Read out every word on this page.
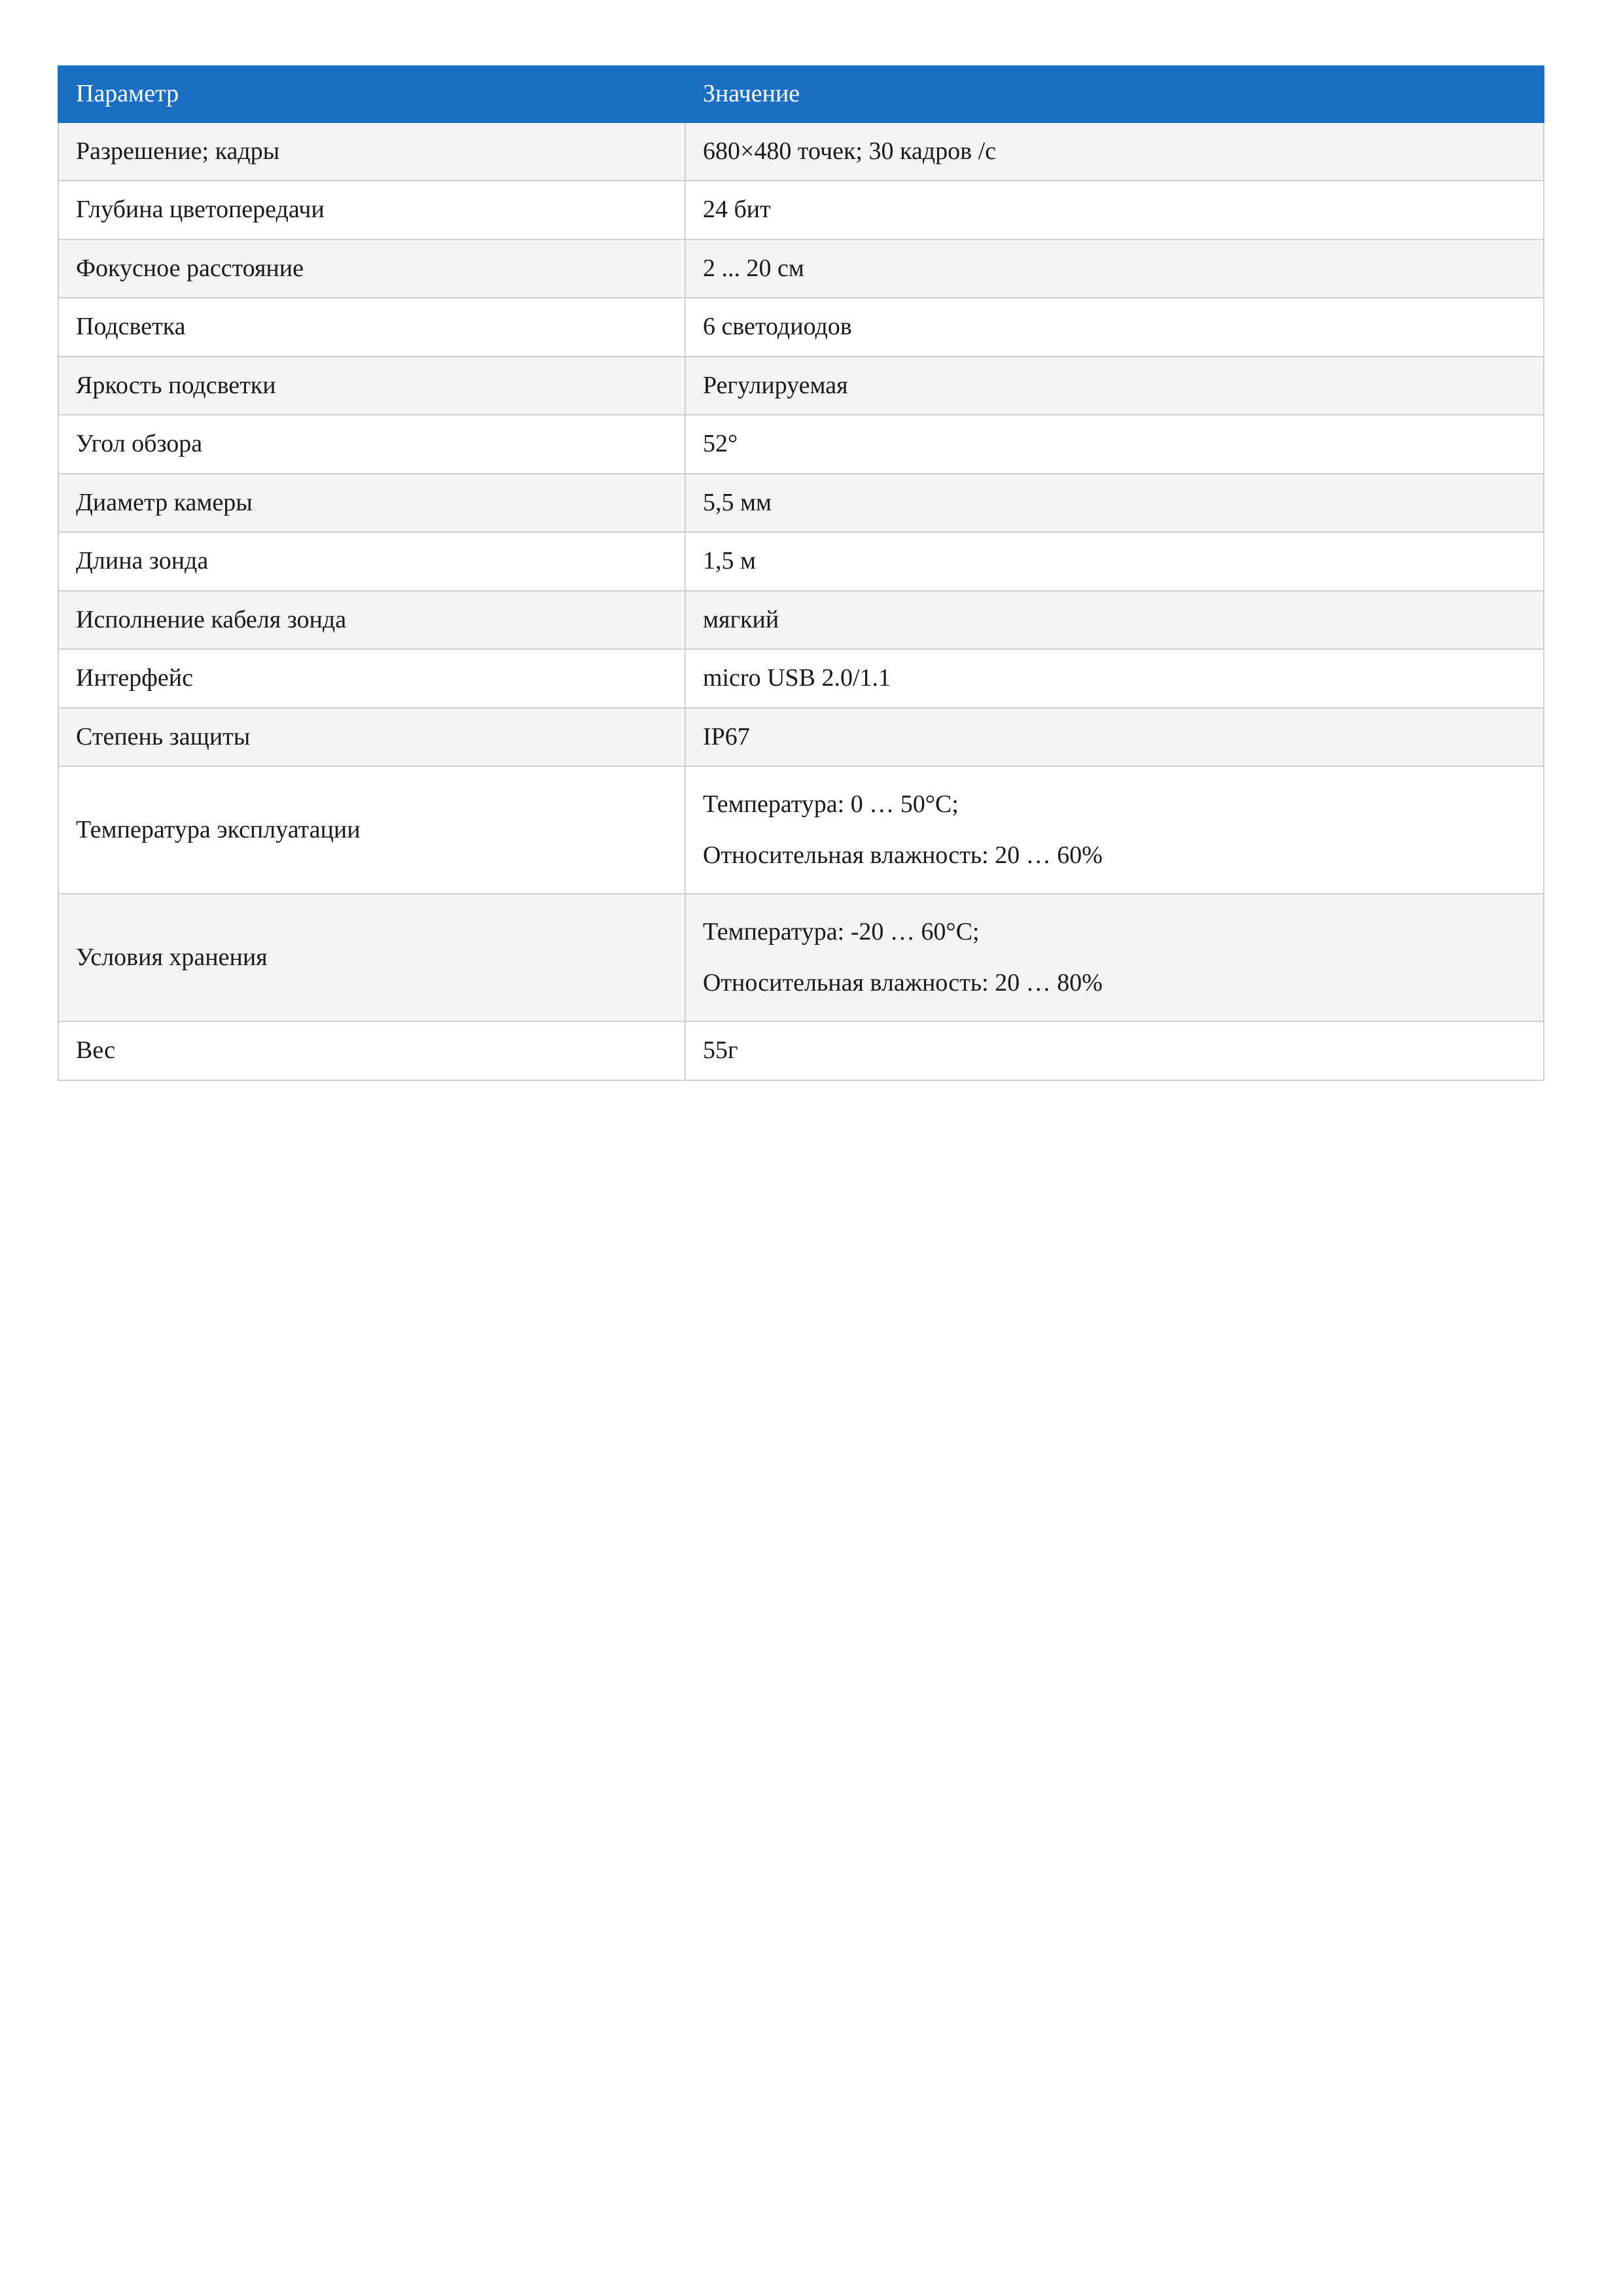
Параметр	Значение
Разрешение; кадры	680×480 точек; 30 кадров /с

Глубина цветопередачи	24 бит

Фокусное расстояние	2 ... 20 см

Подсветка	6 светодиодов

Яркость подсветки	Регулируемая

Угол обзора	52°

Диаметр камеры	5,5 мм

Длина зонда	1,5 м

Исполнение кабеля зонда	мягкий

Интерфейс	micro USB 2.0/1.1

Степень защиты	IP67

Температура эксплуатации	Температура: 0 … 50°C;
Относительная влажность: 20 … 60%

Условия хранения	Температура: -20 … 60°C;
Относительная влажность: 20 … 80%

Вес	55г
